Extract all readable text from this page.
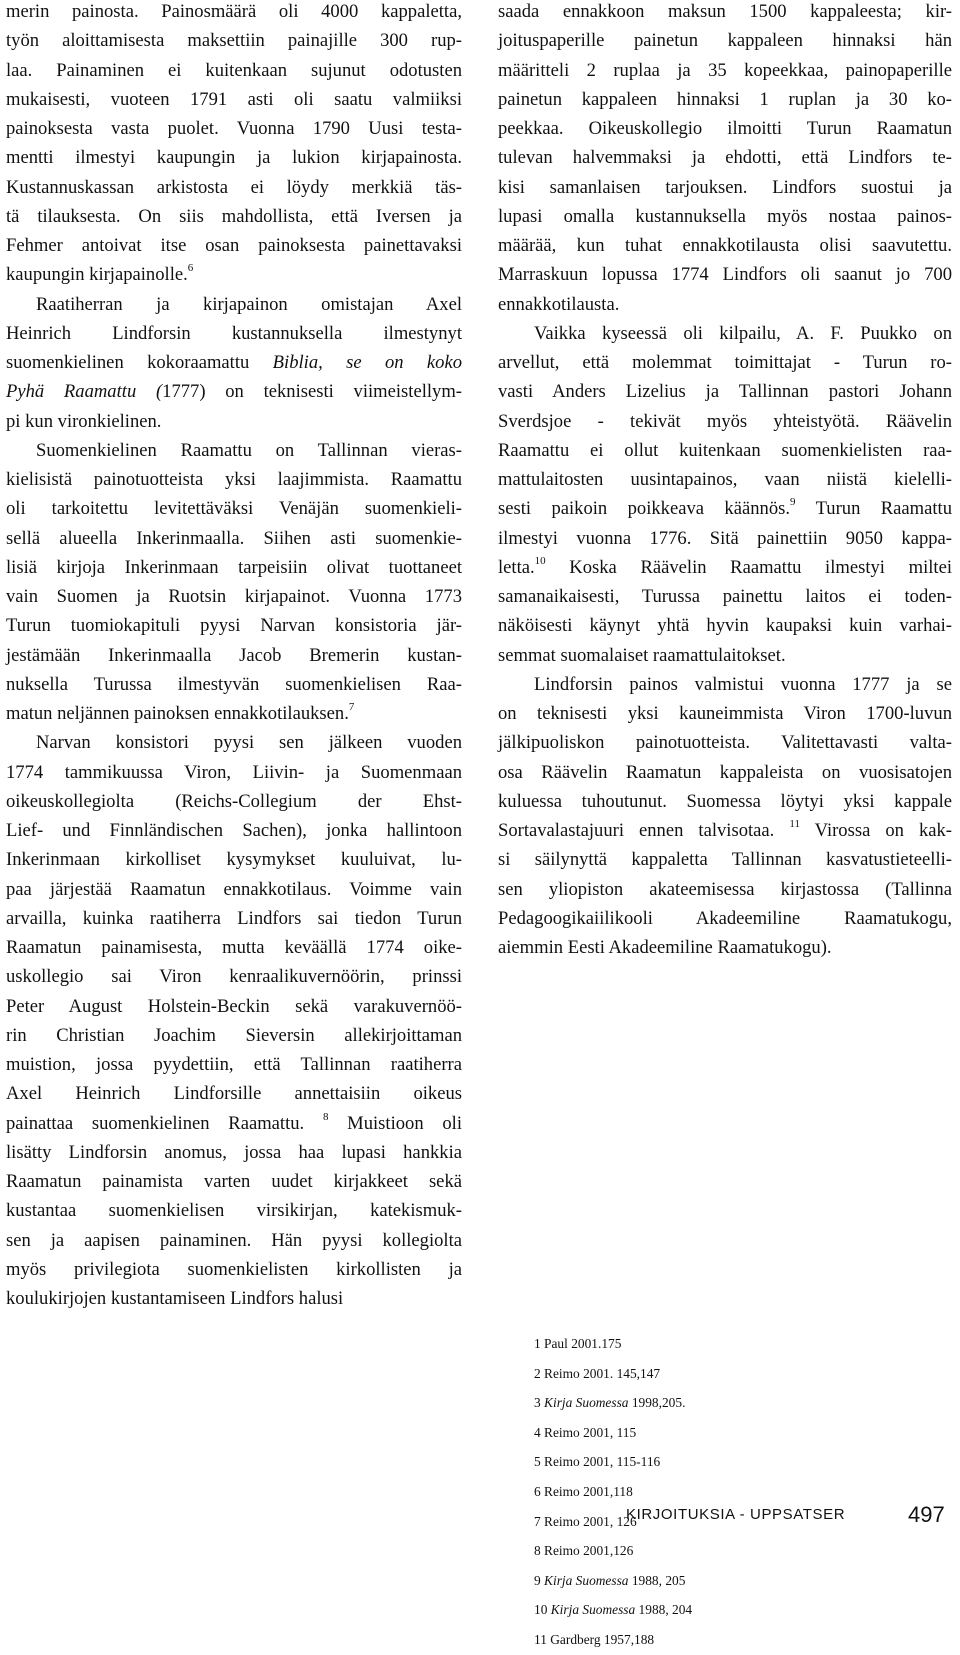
merin painosta. Painosmäärä oli 4000 kappaletta,
työn aloittamisesta maksettiin painajille 300 rup-
laa. Painaminen ei kuitenkaan sujunut odotusten
mukaisesti, vuoteen 1791 asti oli saatu valmiiksi
painoksesta vasta puolet. Vuonna 1790 Uusi testa-
mentti ilmestyi kaupungin ja lukion kirjapainosta.
Kustannuskassan arkistosta ei löydy merkkiä täs-
tä tilauksesta. On siis mahdollista, että Iversen ja
Fehmer antoivat itse osan painoksesta painettavaksi
kaupungin kirjapainolle.$^6$
Raatiherran ja kirjapainon omistajan Axel
Heinrich Lindforsin kustannuksella ilmestynyt
suomenkielinen kokoraamattu Biblia, se on koko
Pyhä Raamattu (1777) on teknisesti viimeistellym-
pi kun vironkielinen.
Suomenkielinen Raamattu on Tallinnan vieras-
kielisistä painotuotteista yksi laajimmista. Raamattu
oli tarkoitettu levitettäväksi Venäjän suomenkieli-
sellä alueella Inkerinmaalla. Siihen asti suomenkie-
lisiä kirjoja Inkerinmaan tarpeisiin olivat tuottaneet
vain Suomen ja Ruotsin kirjapainot. Vuonna 1773
Turun tuomiokapituli pyysi Narvan konsistoria jär-
jestämään Inkerinmaalla Jacob Bremerin kustan-
nuksella Turussa ilmestyvän suomenkielisen Raa-
matun neljännen painoksen ennakkotilauksen.$^7$
Narvan konsistori pyysi sen jälkeen vuoden
1774 tammikuussa Viron, Liivin- ja Suomenmaan
oikeuskollegiolta (Reichs-Collegium der Ehst-
Lief- und Finnländischen Sachen), jonka hallintoon
Inkerinmaan kirkolliset kysymykset kuuluivat, lu-
paa järjestää Raamatun ennakkotilaus. Voimme vain
arvailla, kuinka raatiherra Lindfors sai tiedon Turun
Raamatun painamisesta, mutta keväällä 1774 oike-
uskollegio sai Viron kenraalikuvernöörin, prinssi
Peter August Holstein-Beckin sekä varakuvernöö-
rin Christian Joachim Sieversin allekirjoittaman
muistion, jossa pyydettiin, että Tallinnan raatiherra
Axel Heinrich Lindforsille annettaisiin oikeus
painattaa suomenkielinen Raamattu. $^8$ Muistioon oli
lisätty Lindforsin anomus, jossa haa lupasi hankkia
Raamatun painamista varten uudet kirjakkeet sekä
kustantaa suomenkielisen virsikirjan, katekismuk-
sen ja aapisen painaminen. Hän pyysi kollegiolta
myös privilegiota suomenkielisten kirkollisten ja
koulukirjojen kustantamiseen Lindfors halusi
saada ennakkoon maksun 1500 kappaleesta; kir-
joituspaperille painetun kappaleen hinnaksi hän
määritteli 2 ruplaa ja 35 kopeekkaa, painopaperille
painetun kappaleen hinnaksi 1 ruplan ja 30 ko-
peekkaa. Oikeuskollegio ilmoitti Turun Raamatun
tulevan halvemmaksi ja ehdotti, että Lindfors te-
kisi samanlaisen tarjouksen. Lindfors suostui ja
lupasi omalla kustannuksella myös nostaa painos-
määrää, kun tuhat ennakkotilausta olisi saavutettu.
Marraskuun lopussa 1774 Lindfors oli saanut jo 700
ennakkotilausta.
Vaikka kyseessä oli kilpailu, A. F. Puukko on
arvellut, että molemmat toimittajat - Turun ro-
vasti Anders Lizelius ja Tallinnan pastori Johann
Sverdsjoe - tekivät myös yhteistyötä. Räävelin
Raamattu ei ollut kuitenkaan suomenkielisten raa-
mattulaitosten uusintapainos, vaan niistä kielelli-
sesti paikoin poikkeava käännös.$^9$ Turun Raamattu
ilmestyi vuonna 1776. Sitä painettiin 9050 kappa-
letta.$^{10}$ Koska Räävelin Raamattu ilmestyi miltei
samanaikaisesti, Turussa painettu laitos ei toden-
näköisesti käynyt yhtä hyvin kaupaksi kuin varhai-
semmat suomalaiset raamattulaitokset.
Lindforsin painos valmistui vuonna 1777 ja se
on teknisesti yksi kauneimmista Viron 1700-luvun
jälkipuoliskon painotuotteista. Valitettavasti valta-
osa Räävelin Raamatun kappaleista on vuosisatojen
kuluessa tuhoutunut. Suomessa löytyi yksi kappale
Sortavalastajuuri ennen talvisotaa. $^{11}$ Virossa on kak-
si säilynyttä kappaletta Tallinnan kasvatustieteelli-
sen yliopiston akateemisessa kirjastossa (Tallinna
Pedagoogikaiilikooli Akadeemiline Raamatukogu,
aiemmin Eesti Akadeemiline Raamatukogu).
1 Paul 2001.175
2 Reimo 2001. 145,147
3 Kirja Suomessa 1998,205.
4 Reimo 2001, 115
5 Reimo 2001, 115-116
6 Reimo 2001,118
7 Reimo 2001, 126
8 Reimo 2001,126
9 Kirja Suomessa 1988, 205
10 Kirja Suomessa 1988, 204
11 Gardberg 1957,188
KIRJOITUKSIA - UPPSATSER	497
